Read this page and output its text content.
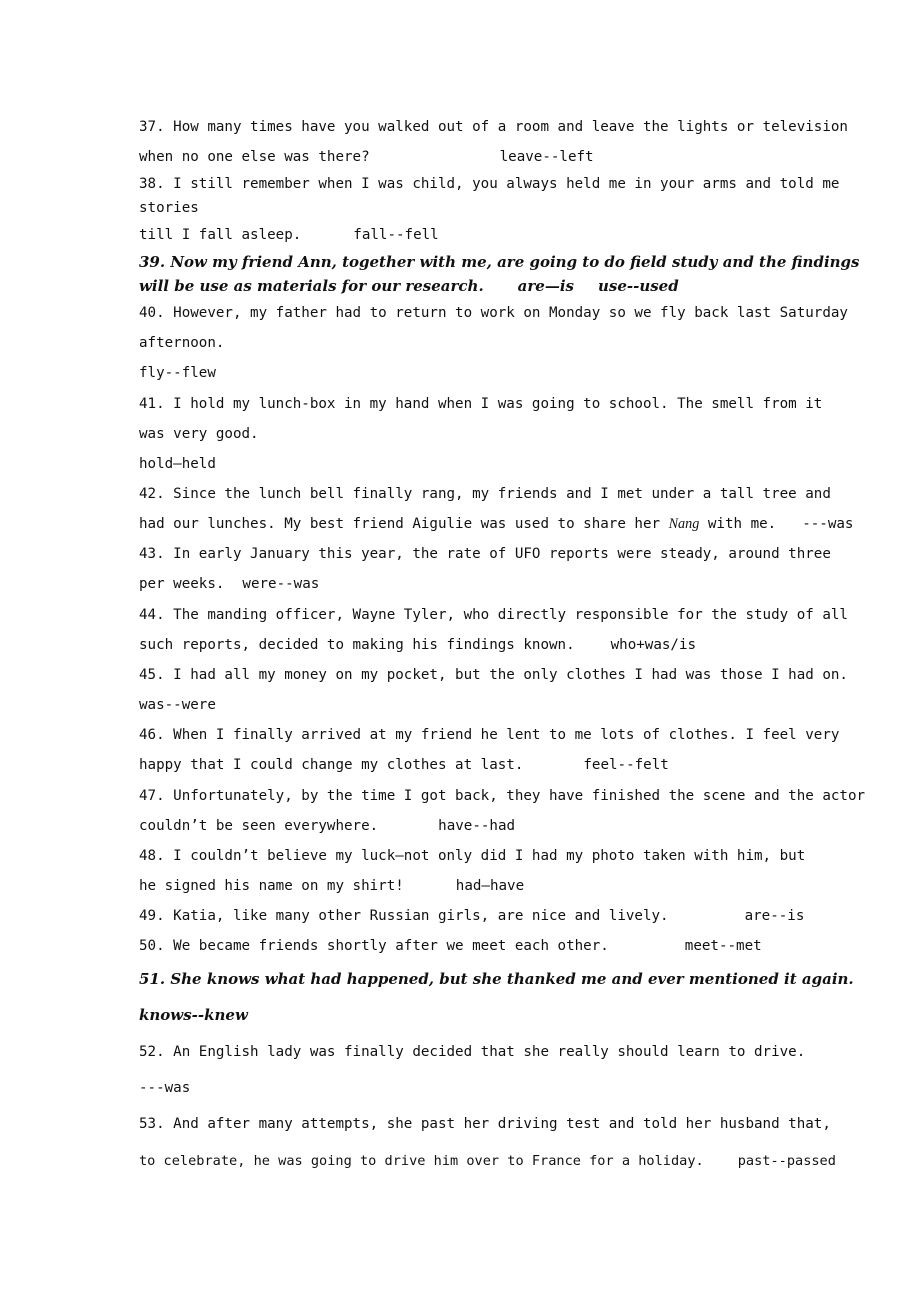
37. How many times have you walked out of a room and leave the lights or television
when no one else was there?	leave--left
38. I still remember when I was child, you always held me in your arms and told me
stories
till I fall asleep.	fall--fell
39. Now my friend Ann, together with me, are going to do field study and the findings
will be use as materials for our research. are—is use--used
40. However, my father had to return to work on Monday so we fly back last Saturday
afternoon.
fly--flew
41. I hold my lunch-box in my hand when I was going to school. The smell from it
was very good.
hold—held
42. Since the lunch bell finally rang, my friends and I met under a tall tree and
had our lunches. My best friend Aigulie was used to share her Nang with me. ---was
43. In early January this year, the rate of UFO reports were steady, around three
per weeks. were--was
44. The manding officer, Wayne Tyler, who directly responsible for the study of all
such reports, decided to making his findings known.	who+was/is
45. I had all my money on my pocket, but the only clothes I had was those I had on.
was--were
46. When I finally arrived at my friend he lent to me lots of clothes. I feel very
happy that I could change my clothes at last.	feel--felt
47. Unfortunately, by the time I got back, they have finished the scene and the actor
couldn’t be seen everywhere.	have--had
48. I couldn’t believe my luck—not only did I had my photo taken with him, but
he signed his name on my shirt!	had—have
49. Katia, like many other Russian girls, are nice and lively.	are--is
50. We became friends shortly after we meet each other.	meet--met
51. She knows what had happened, but she thanked me and ever mentioned it again.
knows--knew
52. An English lady was finally decided that she really should learn to drive.
---was
53. And after many attempts, she past her driving test and told her husband that,
to celebrate, he was going to drive him over to France for a holiday.	past--passed
